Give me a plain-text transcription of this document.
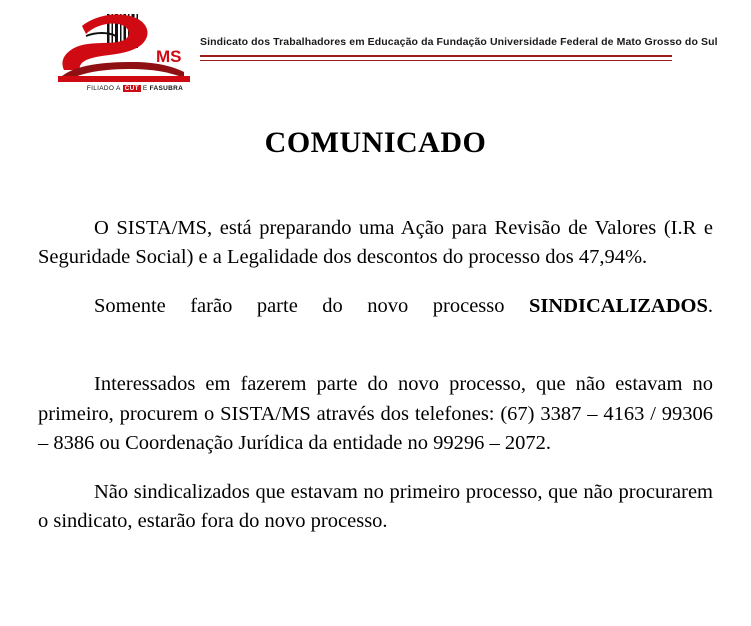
MS
FILIADO A CUT E FASUBRA
Sindicato dos Trabalhadores em Educação da Fundação Universidade Federal de Mato Grosso do Sul
COMUNICADO

O SISTA/MS, está preparando uma Ação para Revisão de Valores (I.R e Seguridade Social) e a Legalidade dos descontos do processo dos 47,94%.

Somente farão parte do novo processo SINDICALIZADOS.

Interessados em fazerem parte do novo processo, que não estavam no primeiro, procurem o SISTA/MS através dos telefones: (67) 3387 – 4163 / 99306 – 8386 ou Coordenação Jurídica da entidade no 99296 – 2072.

Não sindicalizados que estavam no primeiro processo, que não procurarem o sindicato, estarão fora do novo processo.
